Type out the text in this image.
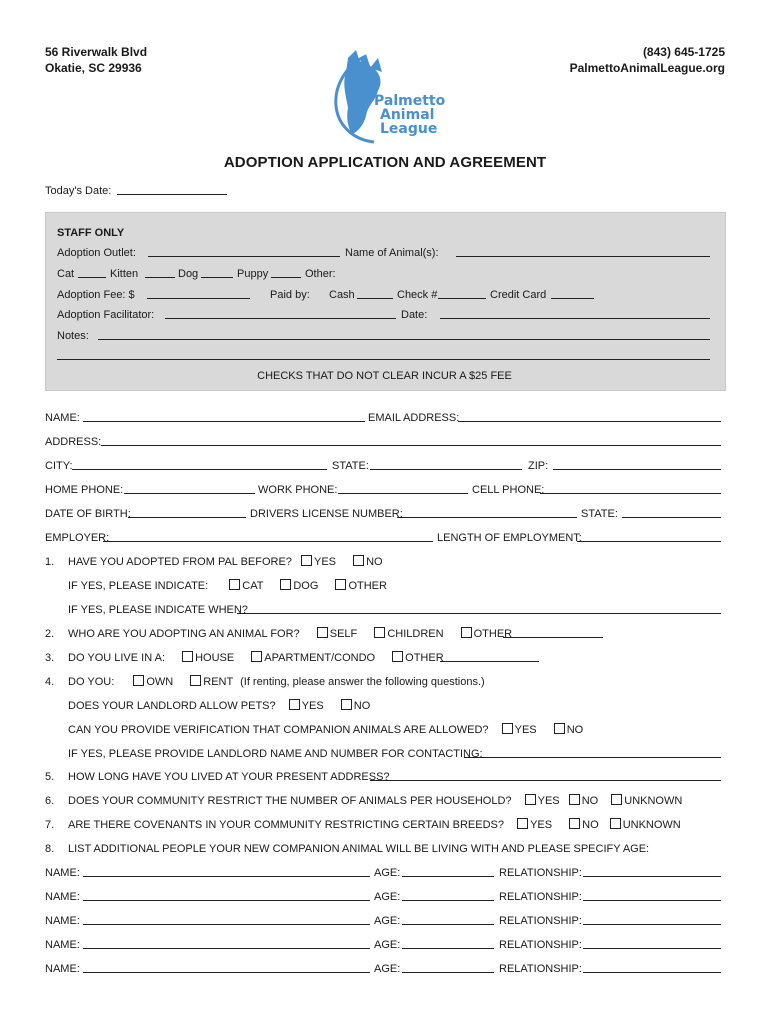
56 Riverwalk Blvd
Okatie, SC 29936
(843) 645-1725
PalmettoAnimalLeague.org
Palmetto
Animal
League
ADOPTION APPLICATION AND AGREEMENT
Today's Date:
STAFF ONLY
Adoption Outlet:	Name of Animal(s):
Cat	Kitten	Dog	Puppy	Other:
Adoption Fee: $	Paid by: Cash	Check #	Credit Card
Adoption Facilitator:	Date:
Notes:
CHECKS THAT DO NOT CLEAR INCUR A $25 FEE
NAME:	EMAIL ADDRESS:
ADDRESS:
CITY:	STATE:	ZIP:
HOME PHONE:	WORK PHONE:	CELL PHONE:
DATE OF BIRTH:	DRIVERS LICENSE NUMBER:	STATE:
EMPLOYER:	LENGTH OF EMPLOYMENT:
1. HAVE YOU ADOPTED FROM PAL BEFORE? YES	NO
IF YES, PLEASE INDICATE:	CAT	DOG	OTHER
IF YES, PLEASE INDICATE WHEN?
2. WHO ARE YOU ADOPTING AN ANIMAL FOR?	SELF	CHILDREN	OTHER
3. DO YOU LIVE IN A:	HOUSE	APARTMENT/CONDO	OTHER
4. DO YOU:	OWN	RENT (If renting, please answer the following questions.)
DOES YOUR LANDLORD ALLOW PETS? YES	NO
CAN YOU PROVIDE VERIFICATION THAT COMPANION ANIMALS ARE ALLOWED? YES	NO
IF YES, PLEASE PROVIDE LANDLORD NAME AND NUMBER FOR CONTACTING:
5. HOW LONG HAVE YOU LIVED AT YOUR PRESENT ADDRESS?
6. DOES YOUR COMMUNITY RESTRICT THE NUMBER OF ANIMALS PER HOUSEHOLD? YES NO UNKNOWN
7. ARE THERE COVENANTS IN YOUR COMMUNITY RESTRICTING CERTAIN BREEDS? YES	NO UNKNOWN
8. LIST ADDITIONAL PEOPLE YOUR NEW COMPANION ANIMAL WILL BE LIVING WITH AND PLEASE SPECIFY AGE:
NAME:	AGE:	RELATIONSHIP:
NAME:	AGE:	RELATIONSHIP:
NAME:	AGE:	RELATIONSHIP:
NAME:	AGE:	RELATIONSHIP:
NAME:	AGE:	RELATIONSHIP:
